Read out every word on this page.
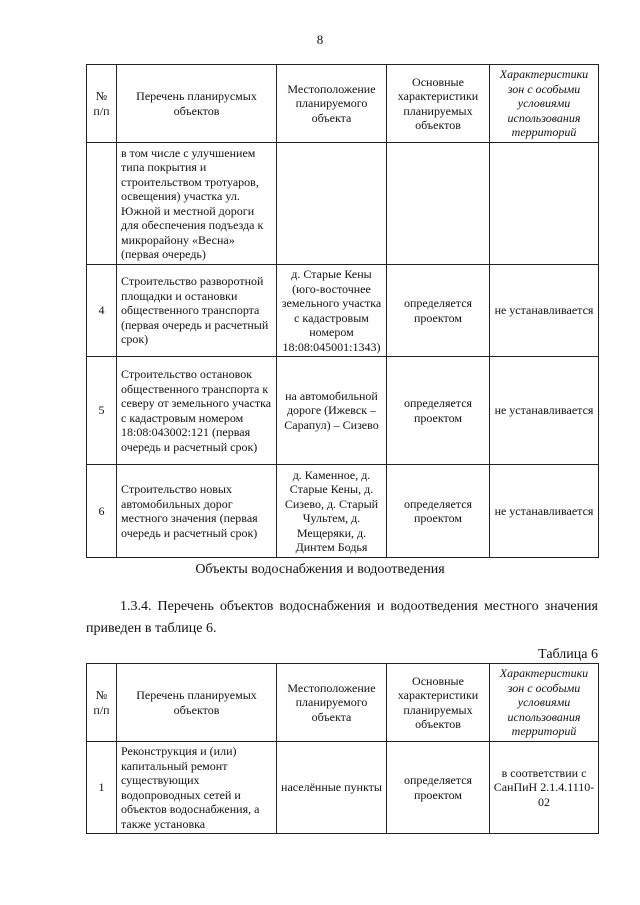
8
№ п/п	Перечень планирусмых объектов	Местоположение планируемого объекта	Основные характеристики планируемых объектов	Характеристики зон с особыми условиями использования территорий
	в том числе с улучшением типа покрытия и строительством тротуаров, освещения) участка ул. Южной и местной дороги для обеспечения подъезда к микрорайону «Весна» (первая очередь)			
4	Строительство разворотной площадки и остановки общественного транспорта (первая очередь и расчетный срок)	д. Старые Кены (юго-восточнее земельного участка с кадастровым номером 18:08:045001:1343)	определяется проектом	не устанавливается
5	Строительство остановок общественного транспорта к северу от земельного участка с кадастровым номером 18:08:043002:121 (первая очередь и расчетный срок)	на автомобильной дороге (Ижевск – Сарапул) – Сизево	определяется проектом	не устанавливается
6	Строительство новых автомобильных дорог местного значения (первая очередь и расчетный срок)	д. Каменное, д. Старые Кены, д. Сизево, д. Старый Чультем, д. Мещеряки, д. Динтем Бодья	определяется проектом	не устанавливается
Объекты водоснабжения и водоотведения
1.3.4. Перечень объектов водоснабжения и водоотведения местного значения приведен в таблице 6.
Таблица 6
№ п/п	Перечень планируемых объектов	Местоположение планируемого объекта	Основные характеристики планируемых объектов	Характеристики зон с особыми условиями использования территорий
1	Реконструкция и (или) капитальный ремонт существующих водопроводных сетей и объектов водоснабжения, а также установка	населённые пункты	определяется проектом	в соответствии с СанПиН 2.1.4.1110-02
